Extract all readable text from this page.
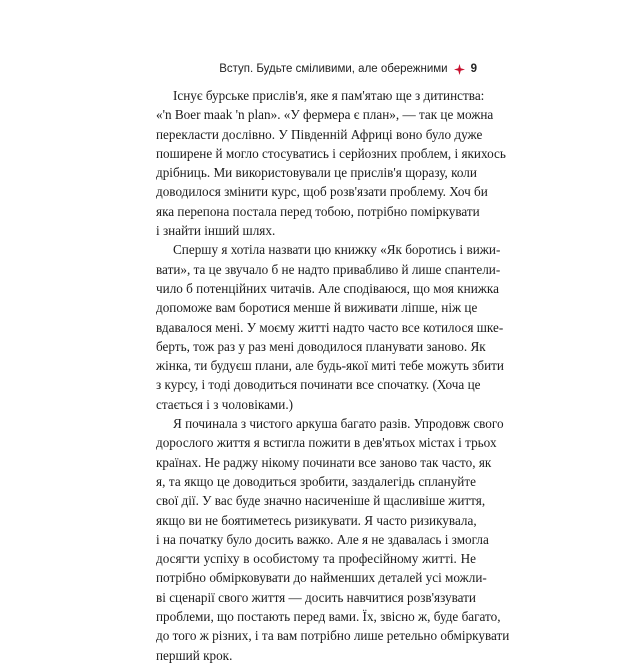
Вступ. Будьте сміливими, але обережними 9

Існує бурське прислів'я, яке я пам'ятаю ще з дитинства:
«'n Boer maak 'n plan». «У фермера є план», — так це можна
перекласти дослівно. У Південній Африці воно було дуже
поширене й могло стосуватись і серйозних проблем, і якихось
дрібниць. Ми використовували це прислів'я щоразу, коли
доводилося змінити курс, щоб розв'язати проблему. Хоч би
яка перепона постала перед тобою, потрібно поміркувати
і знайти інший шлях.

Спершу я хотіла назвати цю книжку «Як боротись і вижи-
вати», та це звучало б не надто привабливо й лише спантели-
чило б потенційних читачів. Але сподіваюся, що моя книжка
допоможе вам боротися менше й виживати ліпше, ніж це
вдавалося мені. У моєму житті надто часто все котилося шке-
берть, тож раз у раз мені доводилося планувати заново. Як
жінка, ти будуєш плани, але будь-якої миті тебе можуть збити
з курсу, і тоді доводиться починати все спочатку. (Хоча це
стається і з чоловіками.)

Я починала з чистого аркуша багато разів. Упродовж свого
дорослого життя я встигла пожити в дев'ятьох містах і трьох
країнах. Не раджу нікому починати все заново так часто, як
я, та якщо це доводиться зробити, заздалегідь сплануйте
свої дії. У вас буде значно насиченіше й щасливіше життя,
якщо ви не боятиметесь ризикувати. Я часто ризикувала,
і на початку було досить важко. Але я не здавалась і змогла
досягти успіху в особистому та професійному житті. Не
потрібно обмірковувати до найменших деталей усі можли-
ві сценарії свого життя — досить навчитися розв'язувати
проблеми, що постають перед вами. Їх, звісно ж, буде багато,
до того ж різних, і та вам потрібно лише ретельно обміркувати
перший крок.
